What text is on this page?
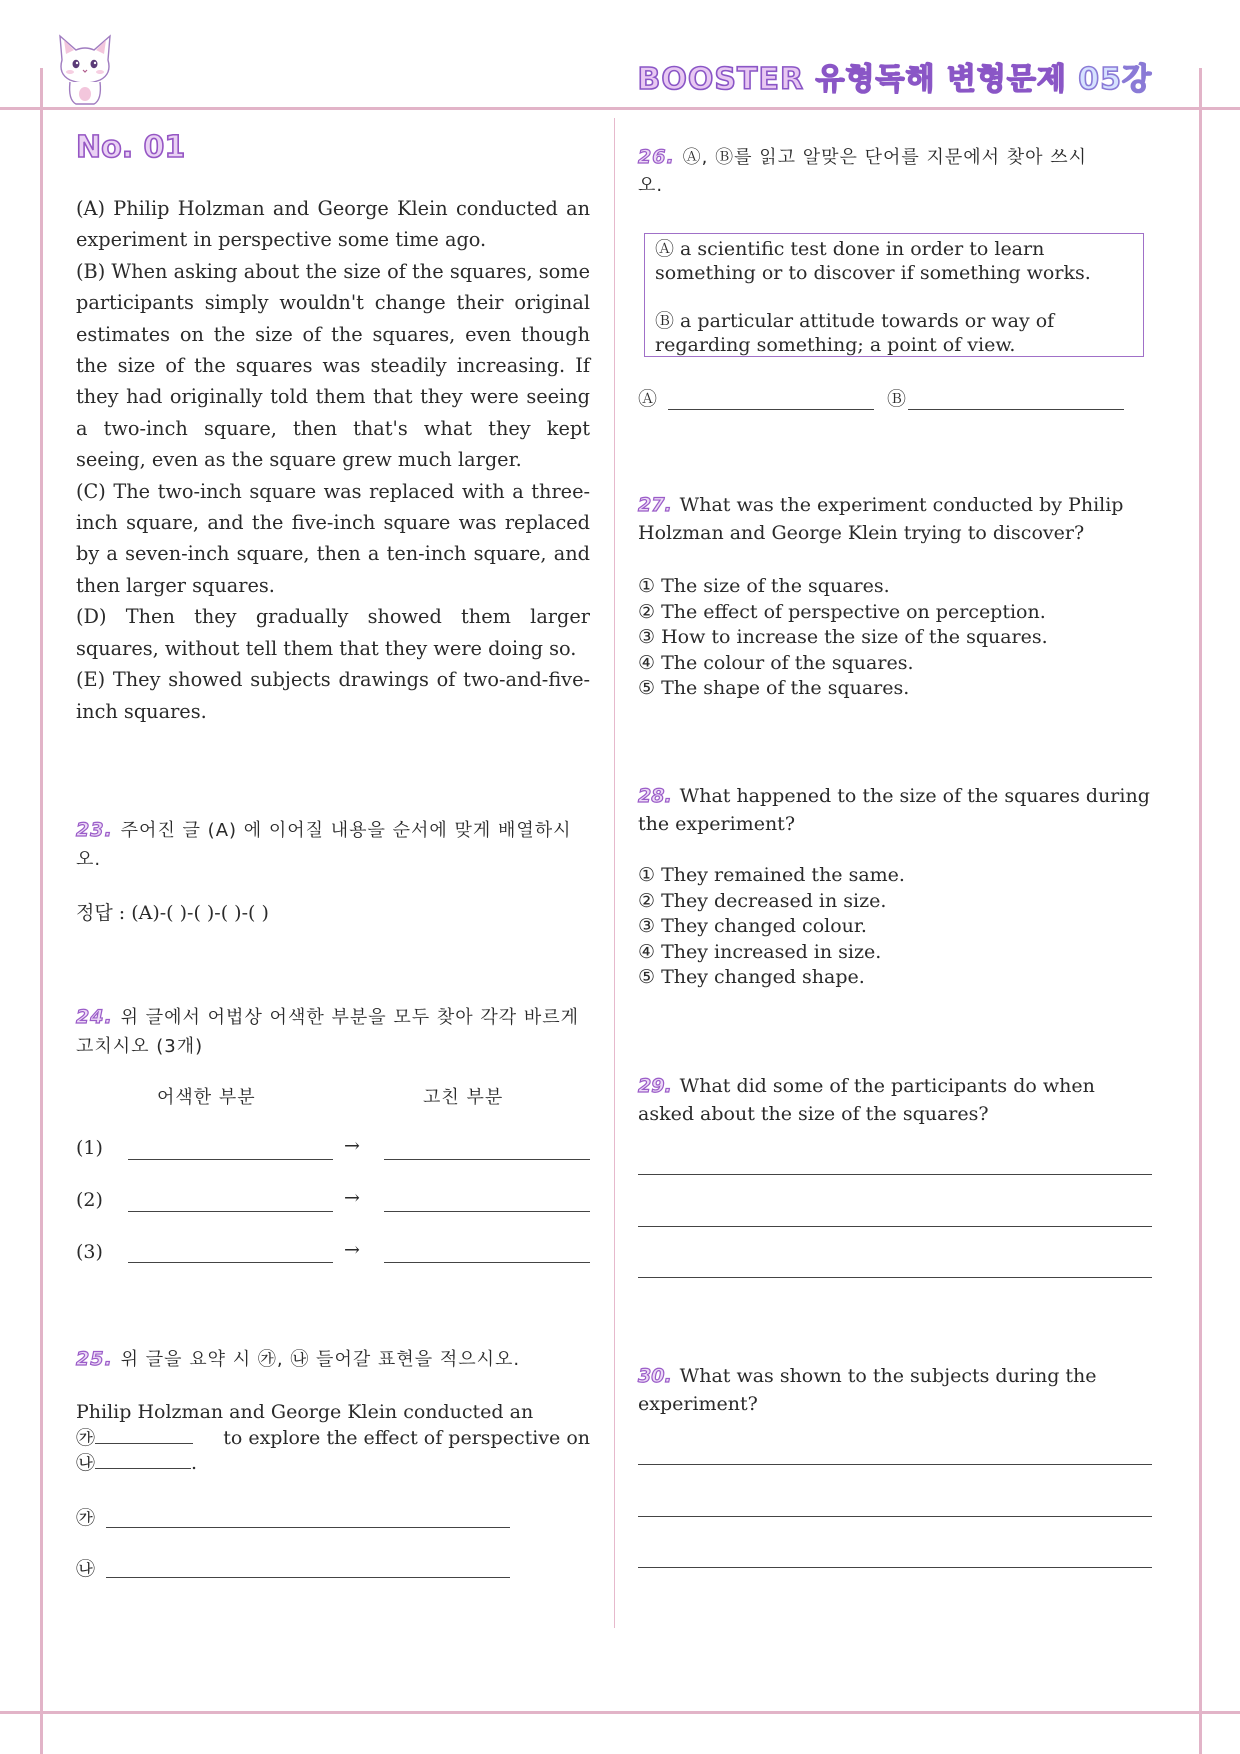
BOOSTER 유형독해 변형문제 05강
No. 01

(A) Philip Holzman and George Klein conducted an experiment in perspective some time ago.

(B) When asking about the size of the squares, some participants simply wouldn't change their original estimates on the size of the squares, even though the size of the squares was steadily increasing. If they had originally told them that they were seeing a two-inch square, then that's what they kept seeing, even as the square grew much larger.

(C) The two-inch square was replaced with a three-inch square, and the five-inch square was replaced by a seven-inch square, then a ten-inch square, and then larger squares.

(D) Then they gradually showed them larger squares, without tell them that they were doing so.

(E) They showed subjects drawings of two-and-five-inch squares.

23. 주어진 글 (A) 에 이어질 내용을 순서에 맞게 배열하시오.
정답 : (A)-( )-( )-( )-( )
24. 위 글에서 어법상 어색한 부분을 모두 찾아 각각 바르게 고치시오 (3개)
어색한 부분	고친 부분
(1)	→
(2)	→
(3)	→
25. 위 글을 요약 시 ㉮, ㉯ 들어갈 표현을 적으시오.
Philip Holzman and George Klein conducted an
㉮	to explore the effect of perspective on
㉯	.
㉮
㉯
26. Ⓐ, Ⓑ를 읽고 알맞은 단어를 지문에서 찾아 쓰시오.
Ⓐ a scientific test done in order to learn something or to discover if something works.
Ⓑ a particular attitude towards or way of regarding something; a point of view.
Ⓐ	Ⓑ
27. What was the experiment conducted by Philip Holzman and George Klein trying to discover?
① The size of the squares.
② The effect of perspective on perception.
③ How to increase the size of the squares.
④ The colour of the squares.
⑤ The shape of the squares.
28. What happened to the size of the squares during the experiment?
① They remained the same.
② They decreased in size.
③ They changed colour.
④ They increased in size.
⑤ They changed shape.
29. What did some of the participants do when asked about the size of the squares?
30. What was shown to the subjects during the experiment?
